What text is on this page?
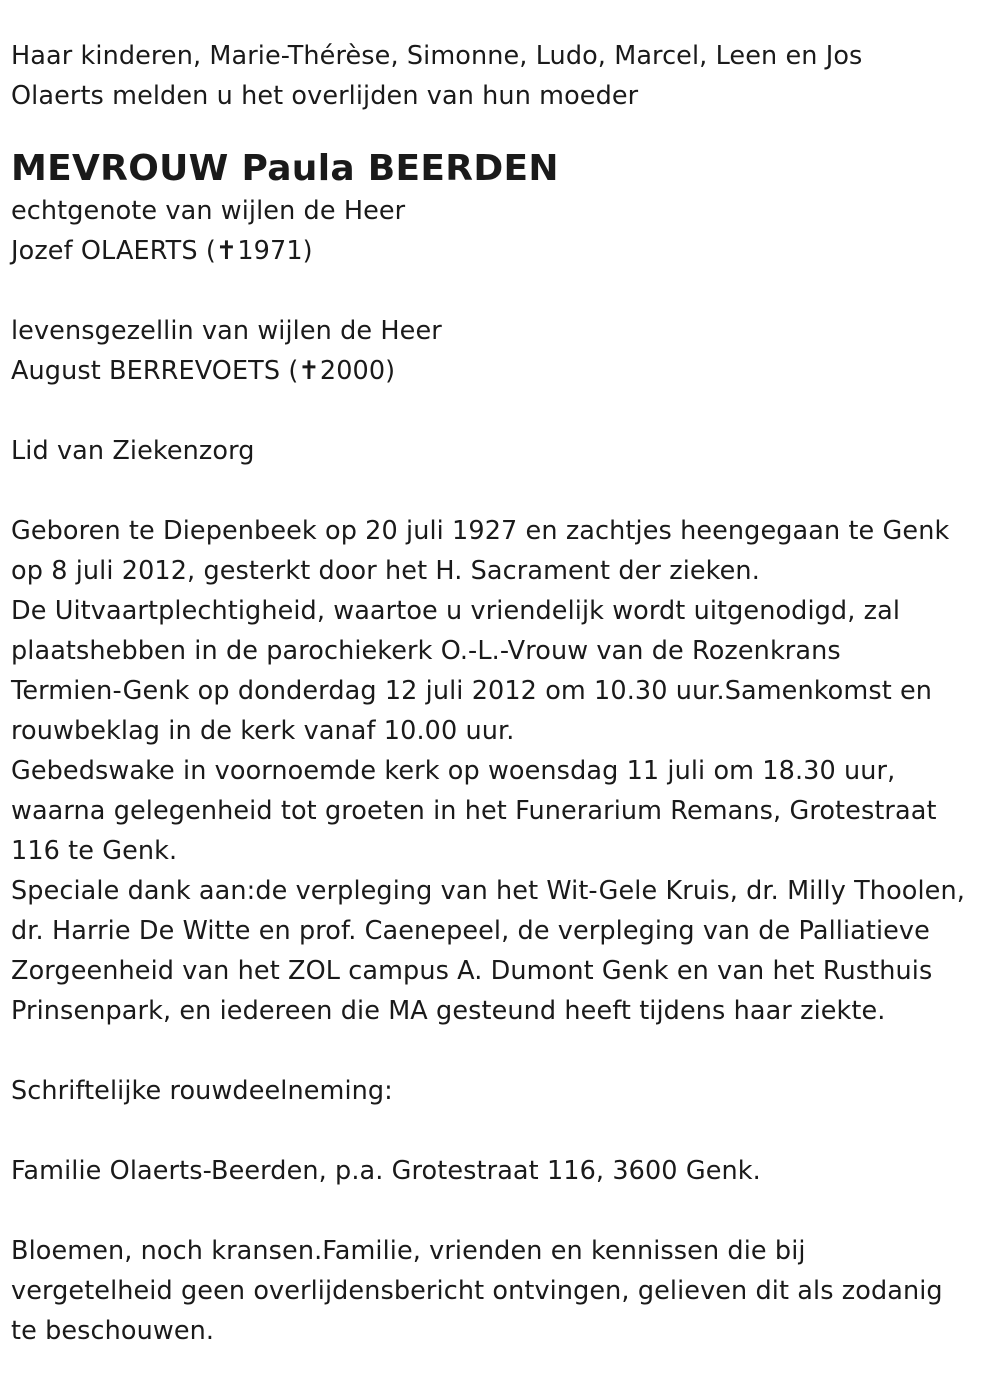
Haar kinderen, Marie-Thérèse, Simonne, Ludo, Marcel, Leen en Jos
Olaerts melden u het overlijden van hun moeder
MEVROUW Paula BEERDEN
echtgenote van wijlen de Heer
Jozef OLAERTS (✝1971)
levensgezellin van wijlen de Heer
August BERREVOETS (✝2000)
Lid van Ziekenzorg
Geboren te Diepenbeek op 20 juli 1927 en zachtjes heengegaan te Genk
op 8 juli 2012, gesterkt door het H. Sacrament der zieken.
De Uitvaartplechtigheid, waartoe u vriendelijk wordt uitgenodigd, zal
plaatshebben in de parochiekerk O.-L.-Vrouw van de Rozenkrans
Termien-Genk op donderdag 12 juli 2012 om 10.30 uur.Samenkomst en
rouwbeklag in de kerk vanaf 10.00 uur.
Gebedswake in voornoemde kerk op woensdag 11 juli om 18.30 uur,
waarna gelegenheid tot groeten in het Funerarium Remans, Grotestraat
116 te Genk.
Speciale dank aan:de verpleging van het Wit-Gele Kruis, dr. Milly Thoolen,
dr. Harrie De Witte en prof. Caenepeel, de verpleging van de Palliatieve
Zorgeenheid van het ZOL campus A. Dumont Genk en van het Rusthuis
Prinsenpark, en iedereen die MA gesteund heeft tijdens haar ziekte.
Schriftelijke rouwdeelneming:
Familie Olaerts-Beerden, p.a. Grotestraat 116, 3600 Genk.
Bloemen, noch kransen.Familie, vrienden en kennissen die bij
vergetelheid geen overlijdensbericht ontvingen, gelieven dit als zodanig
te beschouwen.
